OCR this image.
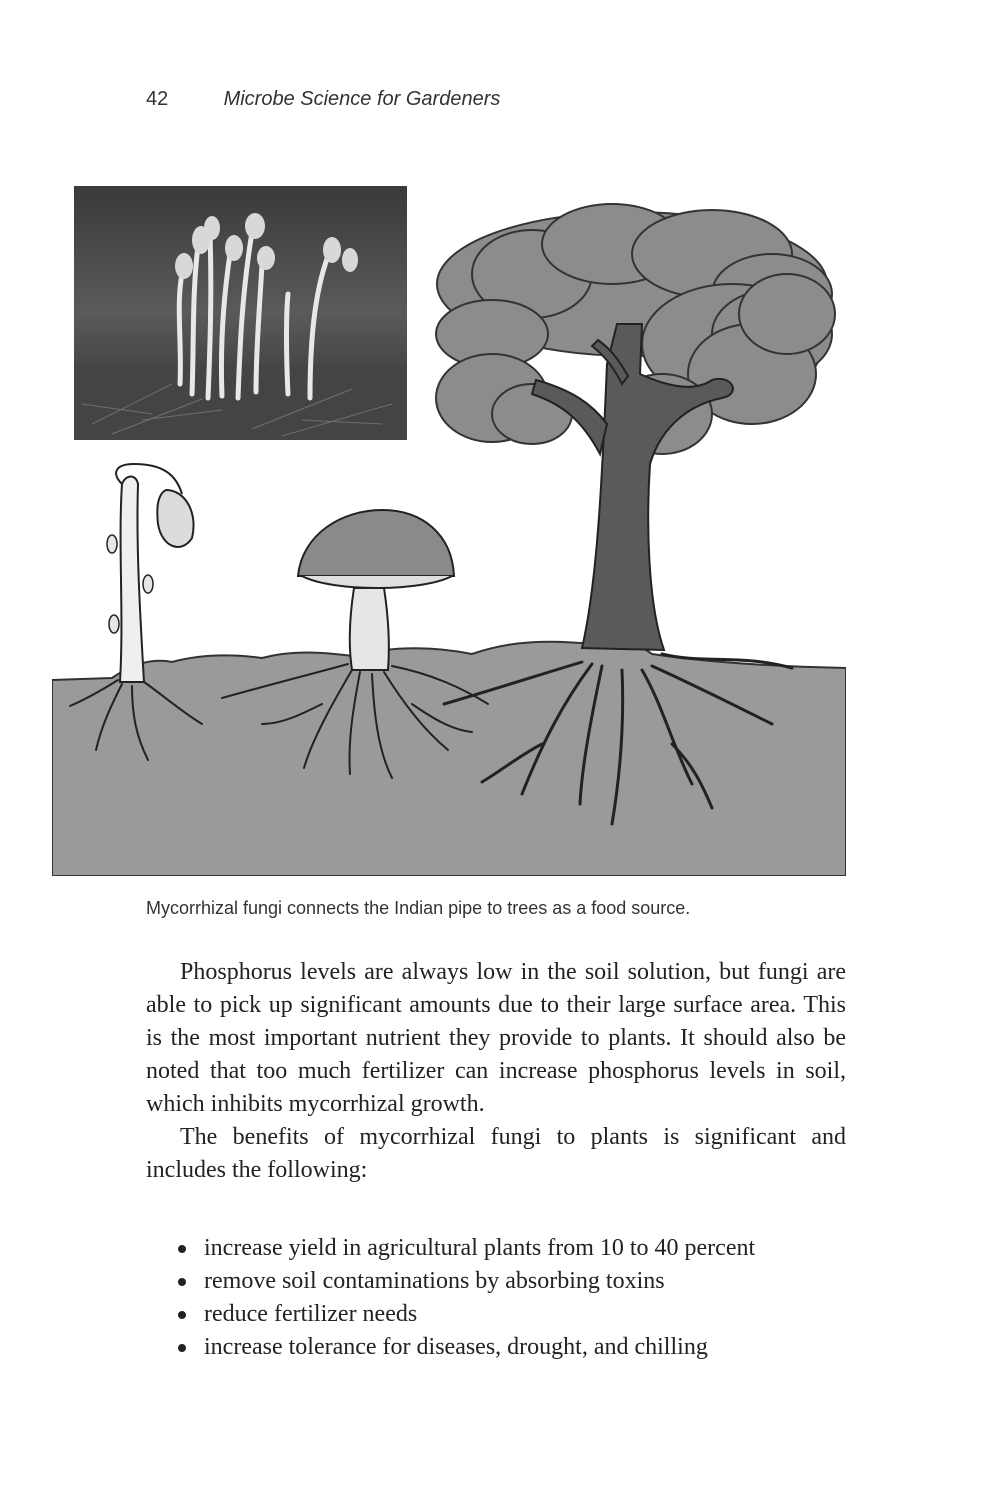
42	Microbe Science for Gardeners
Mycorrhizal fungi connects the Indian pipe to trees as a food source.

Phosphorus levels are always low in the soil solution, but fungi are able to pick up significant amounts due to their large surface area. This is the most important nutrient they provide to plants. It should also be noted that too much fertilizer can increase phosphorus levels in soil, which inhibits mycorrhizal growth.

The benefits of mycorrhizal fungi to plants is significant and includes the following:

increase yield in agricultural plants from 10 to 40 percent
remove soil contaminations by absorbing toxins
reduce fertilizer needs
increase tolerance for diseases, drought, and chilling
